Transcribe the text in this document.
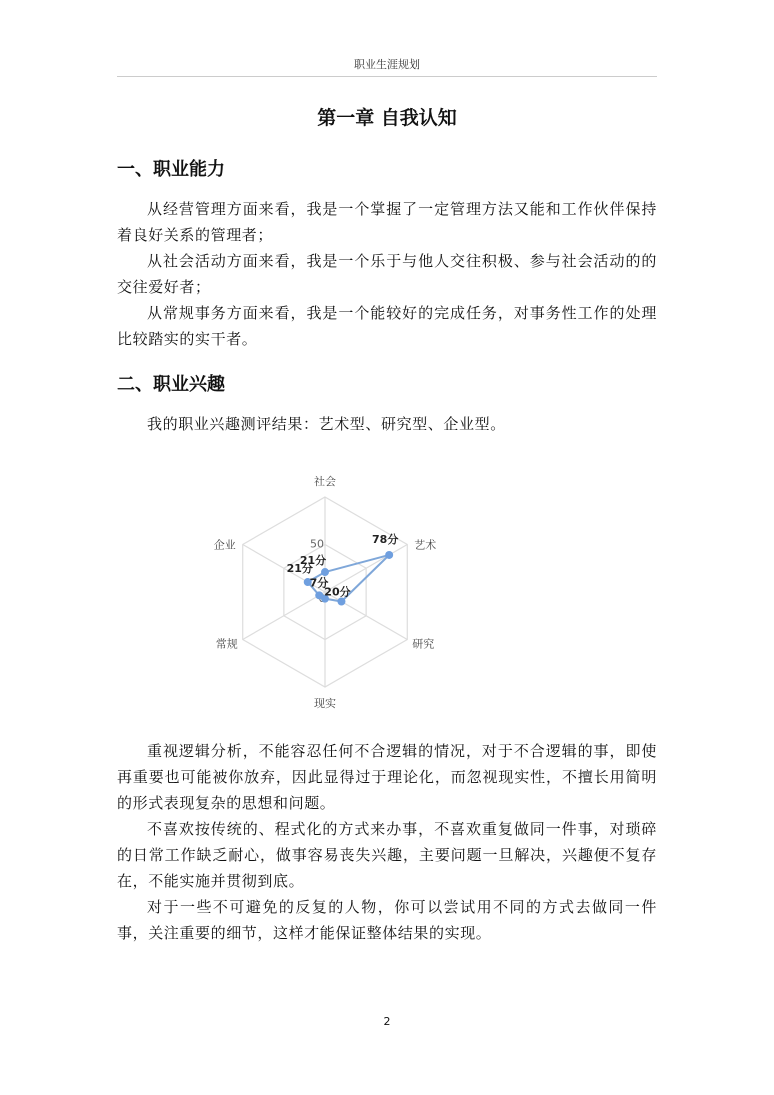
职业生涯规划
第一章 自我认知
一、职业能力

从经营管理方面来看，我是一个掌握了一定管理方法又能和工作伙伴保持着良好关系的管理者；

从社会活动方面来看，我是一个乐于与他人交往积极、参与社会活动的的交往爱好者；

从常规事务方面来看，我是一个能较好的完成任务，对事务性工作的处理比较踏实的实干者。

二、职业兴趣

我的职业兴趣测评结果：艺术型、研究型、企业型。

社会
艺术
研究
现实
常规
企业	50
21分
78分
20分
7分
21分

重视逻辑分析，不能容忍任何不合逻辑的情况，对于不合逻辑的事，即使再重要也可能被你放弃，因此显得过于理论化，而忽视现实性，不擅长用简明的形式表现复杂的思想和问题。

不喜欢按传统的、程式化的方式来办事，不喜欢重复做同一件事，对琐碎的日常工作缺乏耐心，做事容易丧失兴趣，主要问题一旦解决，兴趣便不复存在，不能实施并贯彻到底。

对于一些不可避免的反复的人物，你可以尝试用不同的方式去做同一件事，关注重要的细节，这样才能保证整体结果的实现。

2
